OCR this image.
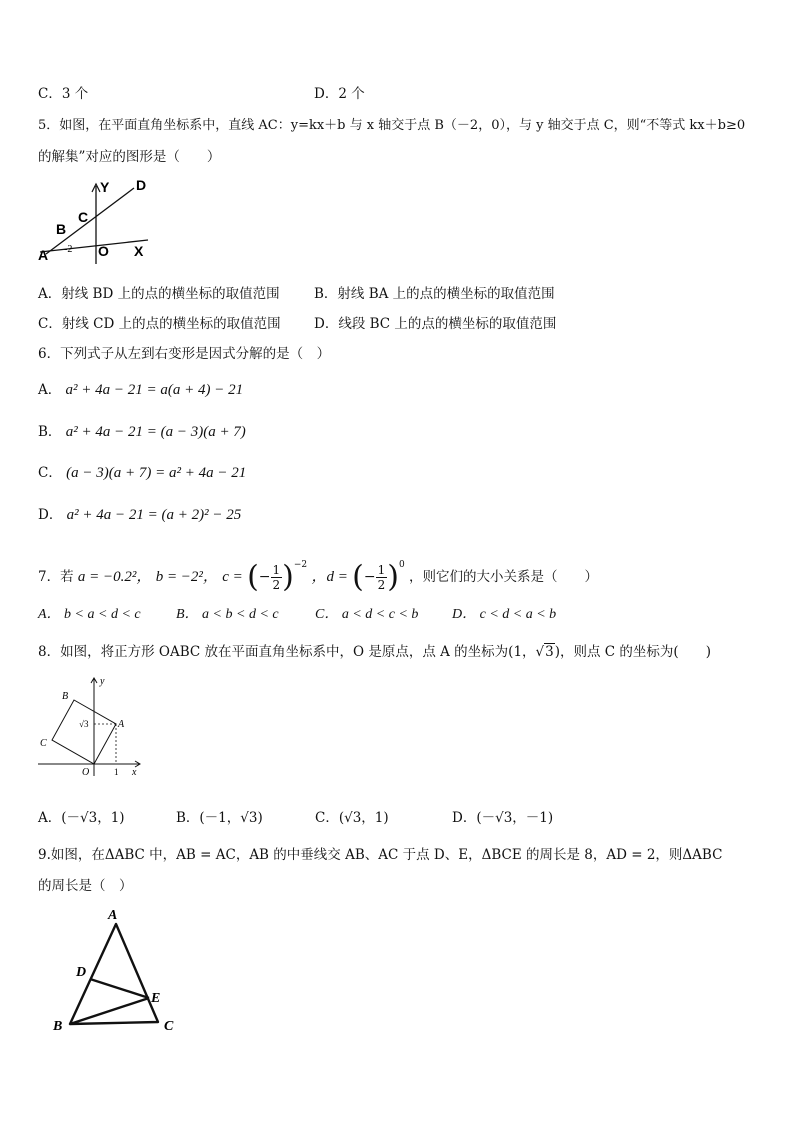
C．3 个	D．2 个
5．如图，在平面直角坐标系中，直线 AC：y=kx＋b 与 x 轴交于点 B（－2，0），与 y 轴交于点 C，则“不等式 kx＋b≥0
的解集”对应的图形是（　　）
Y D
C
B
A -2 O X
A．射线 BD 上的点的横坐标的取值范围	B．射线 BA 上的点的横坐标的取值范围
C．射线 CD 上的点的横坐标的取值范围 D．线段 BC 上的点的横坐标的取值范围
6．下列式子从左到右变形是因式分解的是（　）
A． a² + 4a − 21 = a(a + 4) − 21
B． a² + 4a − 21 = (a − 3)(a + 7)
C． (a − 3)(a + 7) = a² + 4a − 21
D． a² + 4a − 21 = (a + 2)² − 25
7．若 a = −0.2²， b = −2²， c = (− $\frac{1}{2} )^{-2}$ ，d = (− $\frac{1}{2} )^0$ ，则它们的大小关系是（　　）
A． b < a < d < c	B． a < b < d < c	C． a < d < c < b D． c < d < a < b
8．如图，将正方形 OABC 放在平面直角坐标系中，O 是原点，点 A 的坐标为(1，√3)，则点 C 的坐标为(　　)
y
B
A
C
O	1 x
√3
A．(－√3，1)	B．(－1，√3)	C．(√3，1)	D．(－√3，－1)
9.如图，在ΔABC 中，AB = AC，AB 的中垂线交 AB、AC 于点 D、E，ΔBCE 的周长是 8，AD = 2，则ΔABC
的周长是（　）
A
D
E
B	C
